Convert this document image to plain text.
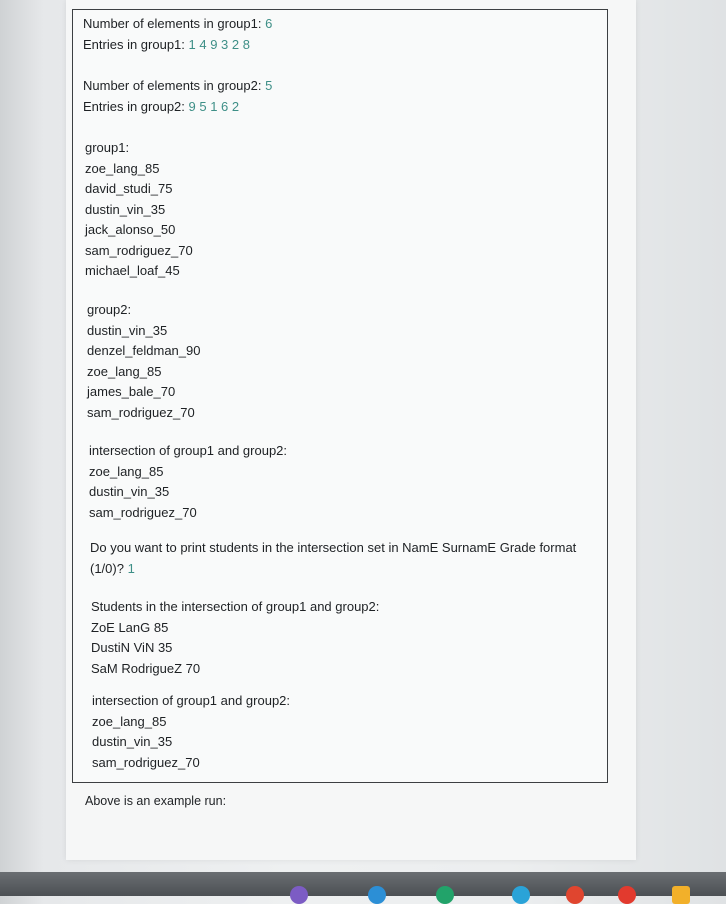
Number of elements in group1: 6
Entries in group1: 1 4 9 3 2 8
Number of elements in group2: 5
Entries in group2: 9 5 1 6 2
group1:
zoe_lang_85
david_studi_75
dustin_vin_35
jack_alonso_50
sam_rodriguez_70
michael_loaf_45
group2:
dustin_vin_35
denzel_feldman_90
zoe_lang_85
james_bale_70
sam_rodriguez_70
intersection of group1 and group2:
zoe_lang_85
dustin_vin_35
sam_rodriguez_70
Do you want to print students in the intersection set in NamE SurnamE Grade format (1/0)? 1
Students in the intersection of group1 and group2:
ZoE LanG 85
DustiN ViN 35
SaM RodrigueZ 70
intersection of group1 and group2:
zoe_lang_85
dustin_vin_35
sam_rodriguez_70
Above is an example run:
